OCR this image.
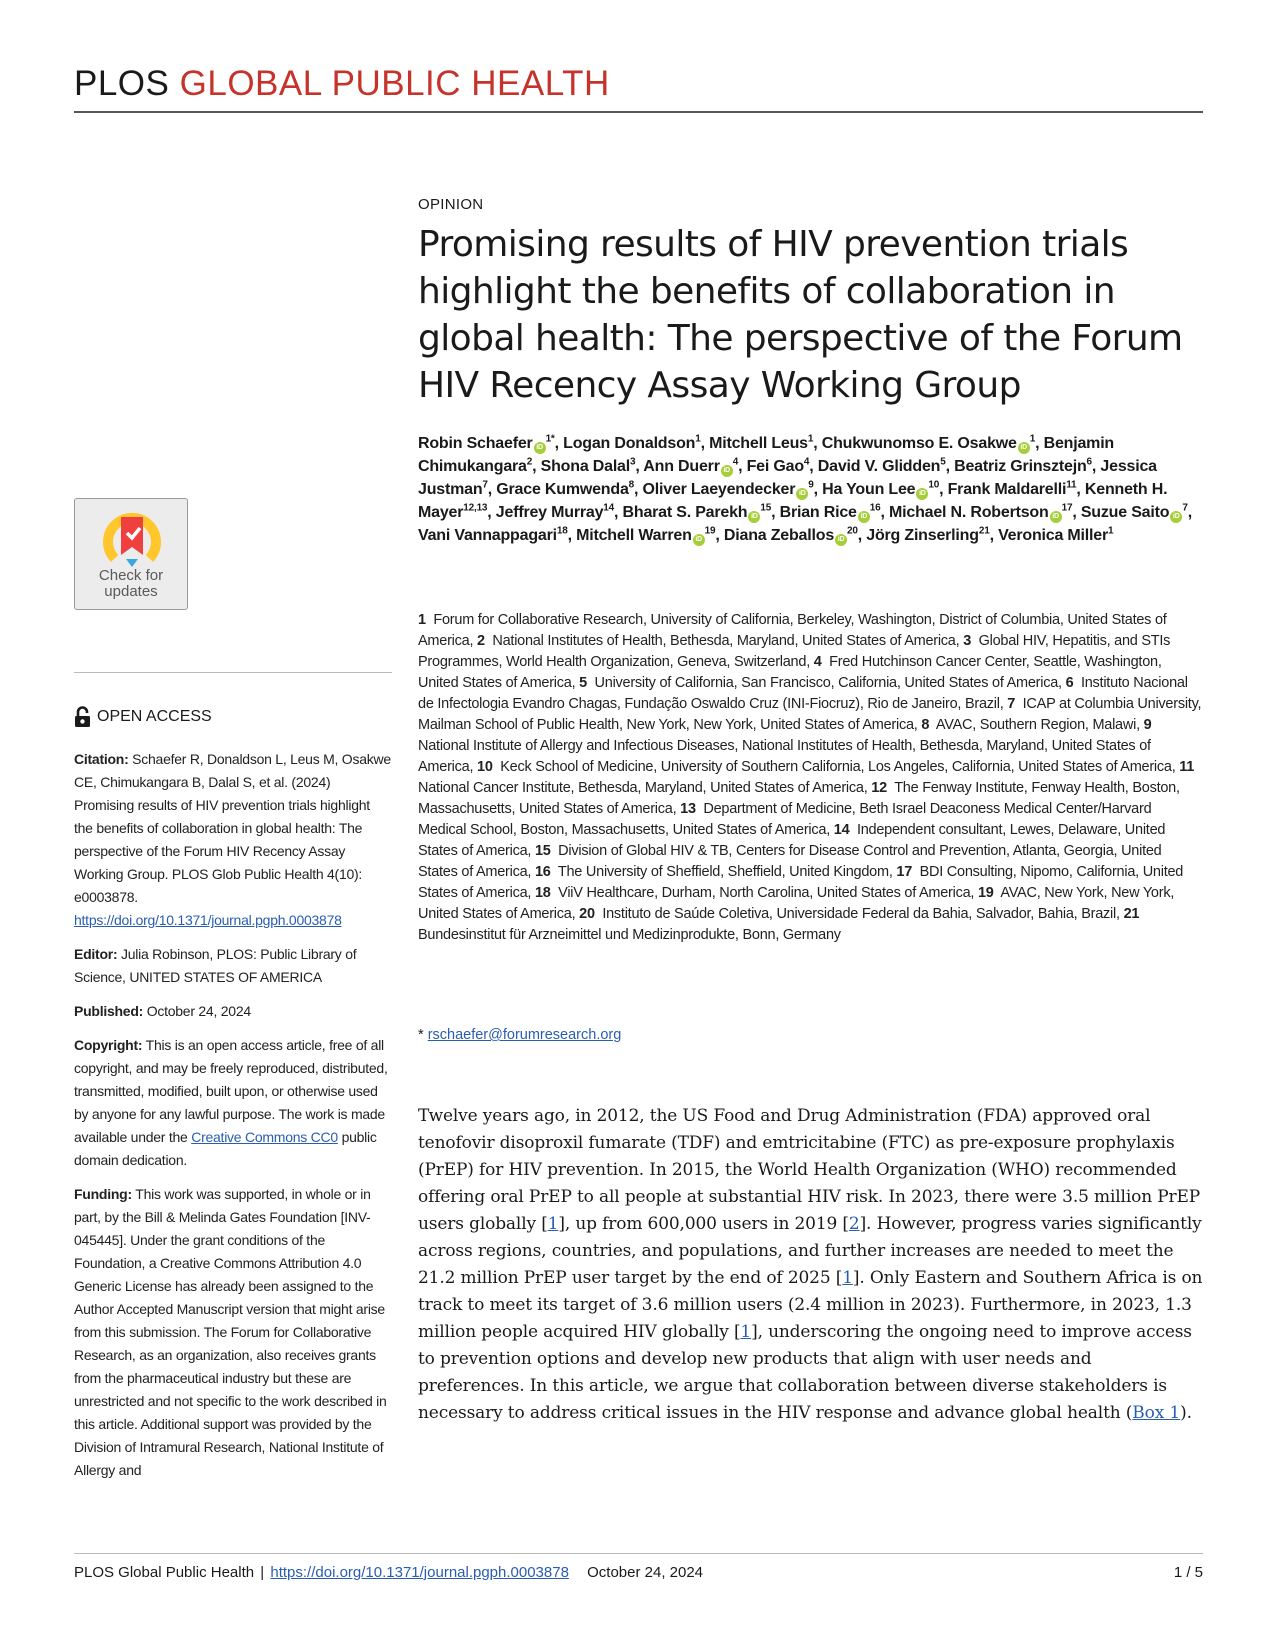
PLOS GLOBAL PUBLIC HEALTH
Check for
updates
OPEN ACCESS

Citation: Schaefer R, Donaldson L, Leus M, Osakwe CE, Chimukangara B, Dalal S, et al. (2024) Promising results of HIV prevention trials highlight the benefits of collaboration in global health: The perspective of the Forum HIV Recency Assay Working Group. PLOS Glob Public Health 4(10): e0003878. https://doi.org/10.1371/journal.pgph.0003878

Editor: Julia Robinson, PLOS: Public Library of Science, UNITED STATES OF AMERICA

Published: October 24, 2024

Copyright: This is an open access article, free of all copyright, and may be freely reproduced, distributed, transmitted, modified, built upon, or otherwise used by anyone for any lawful purpose. The work is made available under the Creative Commons CC0 public domain dedication.

Funding: This work was supported, in whole or in part, by the Bill & Melinda Gates Foundation [INV-045445]. Under the grant conditions of the Foundation, a Creative Commons Attribution 4.0 Generic License has already been assigned to the Author Accepted Manuscript version that might arise from this submission. The Forum for Collaborative Research, as an organization, also receives grants from the pharmaceutical industry but these are unrestricted and not specific to the work described in this article. Additional support was provided by the Division of Intramural Research, National Institute of Allergy and

OPINION
Promising results of HIV prevention trials highlight the benefits of collaboration in global health: The perspective of the Forum HIV Recency Assay Working Group
Robin Schaefer $iD^{1*}$, Logan Donaldson$^1$, Mitchell Leus$^1$, Chukwunomso E. Osakwe $iD^1$, Benjamin Chimukangara$^2$, Shona Dalal$^3$, Ann Duerr $iD^4$, Fei Gao$^4$, David V. Glidden$^5$, Beatriz Grinsztejn$^6$, Jessica Justman$^7$, Grace Kumwenda$^8$, Oliver Laeyendecker $iD^9$, Ha Youn Lee $iD^{10}$, Frank Maldarelli$^{11}$, Kenneth H. Mayer$^{12,13}$, Jeffrey Murray$^{14}$, Bharat S. Parekh $iD^{15}$, Brian Rice $iD^{16}$, Michael N. Robertson $iD^{17}$, Suzue Saito $iD^7$, Vani Vannappagari$^{18}$, Mitchell Warren $iD^{19}$, Diana Zeballos $iD^{20}$, Jörg Zinserling$^{21}$, Veronica Miller$^1$
1 Forum for Collaborative Research, University of California, Berkeley, Washington, District of Columbia, United States of America, 2 National Institutes of Health, Bethesda, Maryland, United States of America, 3 Global HIV, Hepatitis, and STIs Programmes, World Health Organization, Geneva, Switzerland, 4 Fred Hutchinson Cancer Center, Seattle, Washington, United States of America, 5 University of California, San Francisco, California, United States of America, 6 Instituto Nacional de Infectologia Evandro Chagas, Fundação Oswaldo Cruz (INI-Fiocruz), Rio de Janeiro, Brazil, 7 ICAP at Columbia University, Mailman School of Public Health, New York, New York, United States of America, 8 AVAC, Southern Region, Malawi, 9  National Institute of Allergy and Infectious Diseases, National Institutes of Health, Bethesda, Maryland, United States of America, 10 Keck School of Medicine, University of Southern California, Los Angeles, California, United States of America, 11  National Cancer Institute, Bethesda, Maryland, United States of America, 12 The Fenway Institute, Fenway Health, Boston, Massachusetts, United States of America, 13 Department of Medicine, Beth Israel Deaconess Medical Center/Harvard Medical School, Boston, Massachusetts, United States of America, 14 Independent consultant, Lewes, Delaware, United States of America, 15 Division of Global HIV & TB, Centers for Disease Control and Prevention, Atlanta, Georgia, United States of America, 16 The University of Sheffield, Sheffield, United Kingdom, 17 BDI Consulting, Nipomo, California, United States of America, 18 ViiV Healthcare, Durham, North Carolina, United States of America, 19 AVAC, New York, New York, United States of America, 20 Instituto de Saúde Coletiva, Universidade Federal da Bahia, Salvador, Bahia, Brazil, 21  Bundesinstitut für Arzneimittel und Medizinprodukte, Bonn, Germany
* rschaefer@forumresearch.org

Twelve years ago, in 2012, the US Food and Drug Administration (FDA) approved oral tenofovir disoproxil fumarate (TDF) and emtricitabine (FTC) as pre-exposure prophylaxis (PrEP) for HIV prevention. In 2015, the World Health Organization (WHO) recommended offering oral PrEP to all people at substantial HIV risk. In 2023, there were 3.5 million PrEP users globally [1], up from 600,000 users in 2019 [2]. However, progress varies significantly across regions, countries, and populations, and further increases are needed to meet the 21.2 million PrEP user target by the end of 2025 [1]. Only Eastern and Southern Africa is on track to meet its target of 3.6 million users (2.4 million in 2023). Furthermore, in 2023, 1.3 million people acquired HIV globally [1], underscoring the ongoing need to improve access to prevention options and develop new products that align with user needs and preferences. In this article, we argue that collaboration between diverse stakeholders is necessary to address critical issues in the HIV response and advance global health (Box 1).

PLOS Global Public Health | https://doi.org/10.1371/journal.pgph.0003878 October 24, 2024	1 / 5
